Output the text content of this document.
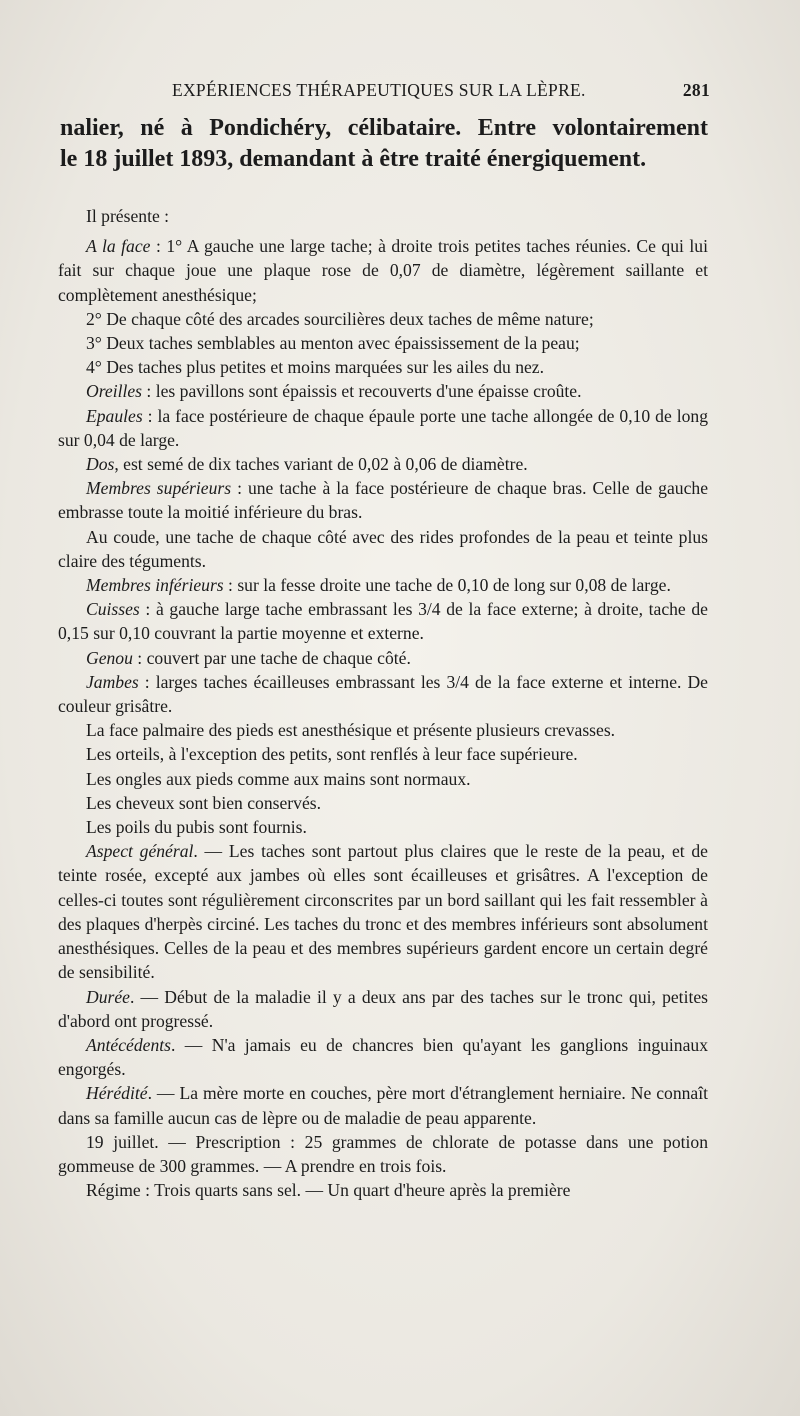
EXPÉRIENCES THÉRAPEUTIQUES SUR LA LÈPRE.	281
nalier, né à Pondichéry, célibataire. Entre volontairement
le 18 juillet 1893, demandant à être traité énergiquement.

Il présente :

A la face : 1° A gauche une large tache; à droite trois petites taches réunies. Ce qui lui fait sur chaque joue une plaque rose de 0,07 de diamètre, légèrement saillante et complètement anesthésique;

2° De chaque côté des arcades sourcilières deux taches de même nature;

3° Deux taches semblables au menton avec épaississement de la peau;

4° Des taches plus petites et moins marquées sur les ailes du nez.

Oreilles : les pavillons sont épaissis et recouverts d'une épaisse croûte.

Epaules : la face postérieure de chaque épaule porte une tache allongée de 0,10 de long sur 0,04 de large.

Dos, est semé de dix taches variant de 0,02 à 0,06 de diamètre.

Membres supérieurs : une tache à la face postérieure de chaque bras. Celle de gauche embrasse toute la moitié inférieure du bras.

Au coude, une tache de chaque côté avec des rides profondes de la peau et teinte plus claire des téguments.

Membres inférieurs : sur la fesse droite une tache de 0,10 de long sur 0,08 de large.

Cuisses : à gauche large tache embrassant les 3/4 de la face externe; à droite, tache de 0,15 sur 0,10 couvrant la partie moyenne et externe.

Genou : couvert par une tache de chaque côté.

Jambes : larges taches écailleuses embrassant les 3/4 de la face externe et interne. De couleur grisâtre.

La face palmaire des pieds est anesthésique et présente plusieurs crevasses.

Les orteils, à l'exception des petits, sont renflés à leur face supérieure.

Les ongles aux pieds comme aux mains sont normaux.

Les cheveux sont bien conservés.

Les poils du pubis sont fournis.

Aspect général. — Les taches sont partout plus claires que le reste de la peau, et de teinte rosée, excepté aux jambes où elles sont écailleuses et grisâtres. A l'exception de celles-ci toutes sont régulièrement circonscrites par un bord saillant qui les fait ressembler à des plaques d'herpès circiné. Les taches du tronc et des membres inférieurs sont absolument anesthésiques. Celles de la peau et des membres supérieurs gardent encore un certain degré de sensibilité.

Durée. — Début de la maladie il y a deux ans par des taches sur le tronc qui, petites d'abord ont progressé.

Antécédents. — N'a jamais eu de chancres bien qu'ayant les ganglions inguinaux engorgés.

Hérédité. — La mère morte en couches, père mort d'étranglement herniaire. Ne connaît dans sa famille aucun cas de lèpre ou de maladie de peau apparente.

19 juillet. — Prescription : 25 grammes de chlorate de potasse dans une potion gommeuse de 300 grammes. — A prendre en trois fois.

Régime : Trois quarts sans sel. — Un quart d'heure après la première
